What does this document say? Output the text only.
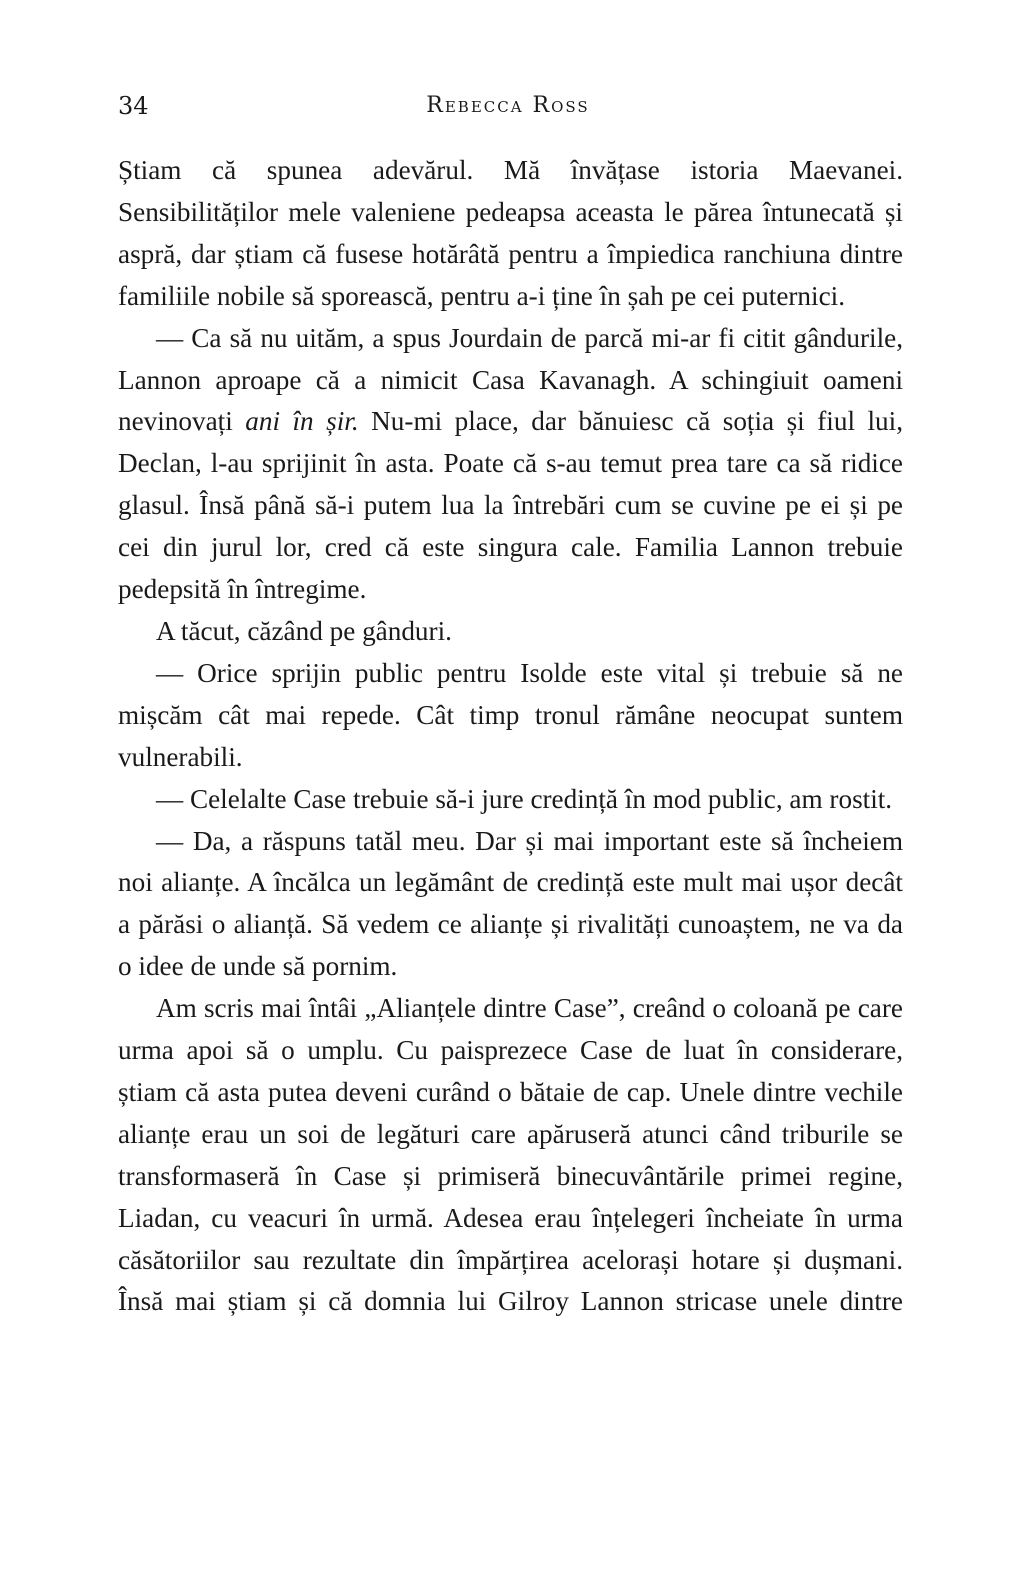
34	Rebecca Ross

Știam că spunea adevărul. Mă învățase istoria Maevanei. Sensibilităților mele valeniene pedeapsa aceasta le părea întunecată și aspră, dar știam că fusese hotărâtă pentru a împiedica ranchiuna dintre familiile nobile să sporească, pentru a-i ține în șah pe cei puternici.

— Ca să nu uităm, a spus Jourdain de parcă mi-ar fi citit gândurile, Lannon aproape că a nimicit Casa Kavanagh. A schingiuit oameni nevinovați ani în șir. Nu-mi place, dar bănuiesc că soția și fiul lui, Declan, l-au sprijinit în asta. Poate că s-au temut prea tare ca să ridice glasul. Însă până să-i putem lua la întrebări cum se cuvine pe ei și pe cei din jurul lor, cred că este singura cale. Familia Lannon trebuie pedepsită în întregime.

A tăcut, căzând pe gânduri.

— Orice sprijin public pentru Isolde este vital și trebuie să ne mișcăm cât mai repede. Cât timp tronul rămâne neocupat suntem vulnerabili.

— Celelalte Case trebuie să-i jure credință în mod public, am rostit.

— Da, a răspuns tatăl meu. Dar și mai important este să încheiem noi alianțe. A încălca un legământ de credință este mult mai ușor decât a părăsi o alianță. Să vedem ce alianțe și rivalități cunoaștem, ne va da o idee de unde să pornim.

Am scris mai întâi „Alianțele dintre Case”, creând o coloană pe care urma apoi să o umplu. Cu paisprezece Case de luat în considerare, știam că asta putea deveni curând o bătaie de cap. Unele dintre vechile alianțe erau un soi de legături care apăruseră atunci când triburile se transformaseră în Case și primiseră binecuvântările primei regine, Liadan, cu veacuri în urmă. Adesea erau înțelegeri încheiate în urma căsătoriilor sau rezultate din împărțirea acelorași hotare și dușmani. Însă mai știam și că domnia lui Gilroy Lannon stricase unele dintre
